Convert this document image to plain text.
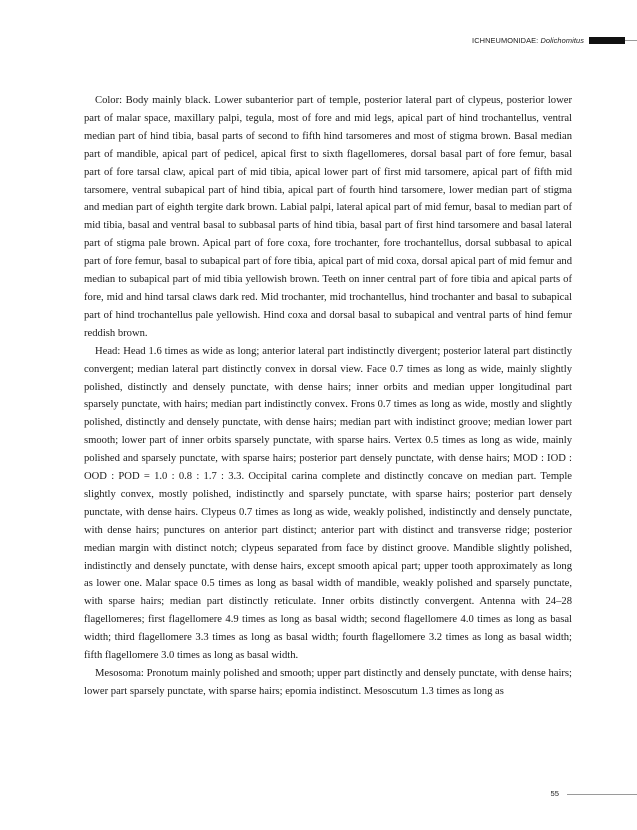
ICHNEUMONIDAE: Dolichomitus

Color: Body mainly black. Lower subanterior part of temple, posterior lateral part of clypeus, posterior lower part of malar space, maxillary palpi, tegula, most of fore and mid legs, apical part of hind trochantellus, ventral median part of hind tibia, basal parts of second to fifth hind tarsomeres and most of stigma brown. Basal median part of mandible, apical part of pedicel, apical first to sixth flagellomeres, dorsal basal part of fore femur, basal part of fore tarsal claw, apical part of mid tibia, apical lower part of first mid tarsomere, apical part of fifth mid tarsomere, ventral subapical part of hind tibia, apical part of fourth hind tarsomere, lower median part of stigma and median part of eighth tergite dark brown. Labial palpi, lateral apical part of mid femur, basal to median part of mid tibia, basal and ventral basal to subbasal parts of hind tibia, basal part of first hind tarsomere and basal lateral part of stigma pale brown. Apical part of fore coxa, fore trochanter, fore trochantellus, dorsal subbasal to apical part of fore femur, basal to subapical part of fore tibia, apical part of mid coxa, dorsal apical part of mid femur and median to subapical part of mid tibia yellowish brown. Teeth on inner central part of fore tibia and apical parts of fore, mid and hind tarsal claws dark red. Mid trochanter, mid trochantellus, hind trochanter and basal to subapical part of hind trochantellus pale yellowish. Hind coxa and dorsal basal to subapical and ventral parts of hind femur reddish brown.

Head: Head 1.6 times as wide as long; anterior lateral part indistinctly divergent; posterior lateral part distinctly convergent; median lateral part distinctly convex in dorsal view. Face 0.7 times as long as wide, mainly slightly polished, distinctly and densely punctate, with dense hairs; inner orbits and median upper longitudinal part sparsely punctate, with hairs; median part indistinctly convex. Frons 0.7 times as long as wide, mostly and slightly polished, distinctly and densely punctate, with dense hairs; median part with indistinct groove; median lower part smooth; lower part of inner orbits sparsely punctate, with sparse hairs. Vertex 0.5 times as long as wide, mainly polished and sparsely punctate, with sparse hairs; posterior part densely punctate, with dense hairs; MOD : IOD : OOD : POD = 1.0 : 0.8 : 1.7 : 3.3. Occipital carina complete and distinctly concave on median part. Temple slightly convex, mostly polished, indistinctly and sparsely punctate, with sparse hairs; posterior part densely punctate, with dense hairs. Clypeus 0.7 times as long as wide, weakly polished, indistinctly and densely punctate, with dense hairs; punctures on anterior part distinct; anterior part with distinct and transverse ridge; posterior median margin with distinct notch; clypeus separated from face by distinct groove. Mandible slightly polished, indistinctly and densely punctate, with dense hairs, except smooth apical part; upper tooth approximately as long as lower one. Malar space 0.5 times as long as basal width of mandible, weakly polished and sparsely punctate, with sparse hairs; median part distinctly reticulate. Inner orbits distinctly convergent. Antenna with 24–28 flagellomeres; first flagellomere 4.9 times as long as basal width; second flagellomere 4.0 times as long as basal width; third flagellomere 3.3 times as long as basal width; fourth flagellomere 3.2 times as long as basal width; fifth flagellomere 3.0 times as long as basal width.

Mesosoma: Pronotum mainly polished and smooth; upper part distinctly and densely punctate, with dense hairs; lower part sparsely punctate, with sparse hairs; epomia indistinct. Mesoscutum 1.3 times as long as

55
